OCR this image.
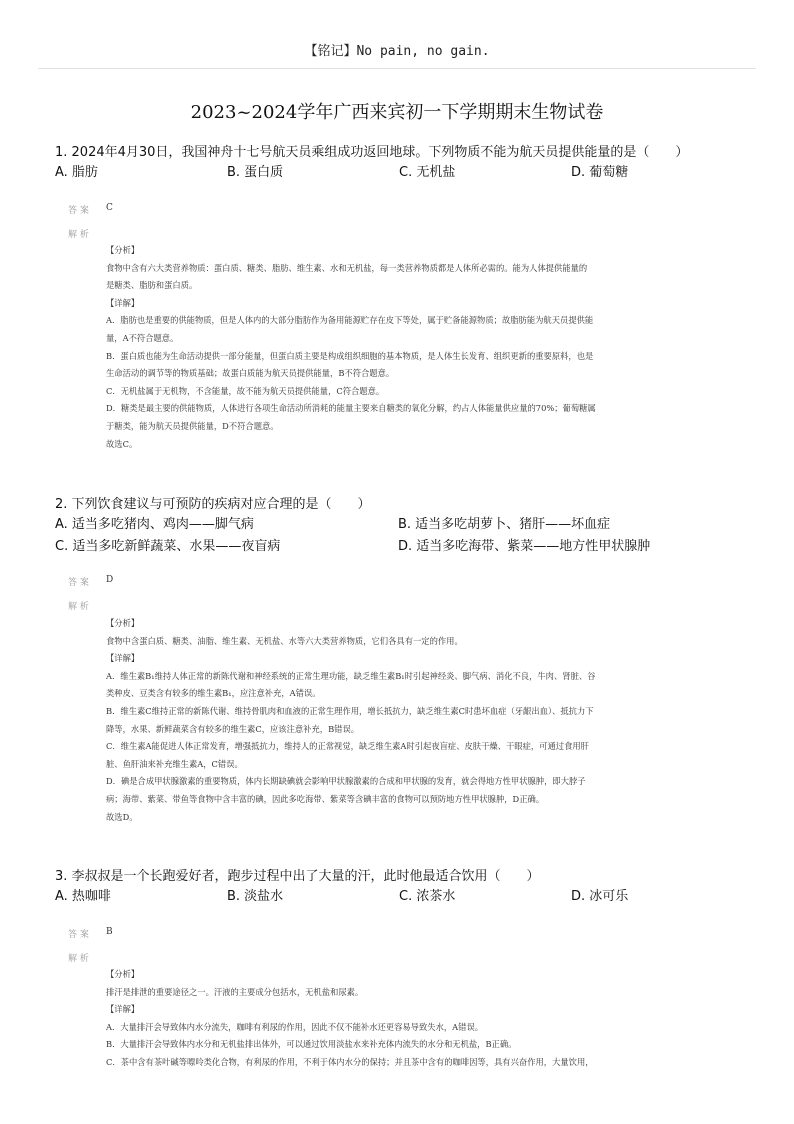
【铭记】No pain, no gain.
2023~2024学年广西来宾初一下学期期末生物试卷
1. 2024年4月30日，我国神舟十七号航天员乘组成功返回地球。下列物质不能为航天员提供能量的是（　　）
A. 脂肪	B. 蛋白质	C. 无机盐	D. 葡萄糖
答 案 C
解 析

【分析】

食物中含有六大类营养物质：蛋白质、糖类、脂肪、维生素、水和无机盐，每一类营养物质都是人体所必需的。能为人体提供能量的

是糖类、脂肪和蛋白质。

【详解】

A．脂肪也是重要的供能物质，但是人体内的大部分脂肪作为备用能源贮存在皮下等处，属于贮备能源物质；故脂肪能为航天员提供能

量，A不符合题意。

B．蛋白质也能为生命活动提供一部分能量，但蛋白质主要是构成组织细胞的基本物质，是人体生长发育、组织更新的重要原料，也是

生命活动的调节等的物质基础；故蛋白质能为航天员提供能量，B不符合题意。

C．无机盐属于无机物，不含能量，故不能为航天员提供能量，C符合题意。

D．糖类是最主要的供能物质，人体进行各项生命活动所消耗的能量主要来自糖类的氧化分解，约占人体能量供应量的70%；葡萄糖属

于糖类，能为航天员提供能量，D不符合题意。

故选C。

2. 下列饮食建议与可预防的疾病对应合理的是（　　）
A. 适当多吃猪肉、鸡肉——脚气病	B. 适当多吃胡萝卜、猪肝——坏血症
C. 适当多吃新鲜蔬菜、水果——夜盲病	D. 适当多吃海带、紫菜——地方性甲状腺肿
答 案 D
解 析

【分析】

食物中含蛋白质、糖类、油脂、维生素、无机盐、水等六大类营养物质，它们各具有一定的作用。

【详解】

A．维生素B₁维持人体正常的新陈代谢和神经系统的正常生理功能，缺乏维生素B₁时引起神经炎、脚气病、消化不良，牛肉、肾脏、谷

类种皮、豆类含有较多的维生素B₁，应注意补充，A错误。

B．维生素C维持正常的新陈代谢、维持骨肌肉和血液的正常生理作用，增长抵抗力，缺乏维生素C时患坏血症（牙龈出血）、抵抗力下

降等，水果、新鲜蔬菜含有较多的维生素C，应该注意补充，B错误。

C．维生素A能促进人体正常发育，增强抵抗力，维持人的正常视觉，缺乏维生素A时引起夜盲症、皮肤干燥、干眼症，可通过食用肝

脏、鱼肝油来补充维生素A，C错误。

D．碘是合成甲状腺激素的重要物质，体内长期缺碘就会影响甲状腺激素的合成和甲状腺的发育，就会得地方性甲状腺肿，即大脖子

病；海带、紫菜、带鱼等食物中含丰富的碘，因此多吃海带、紫菜等含碘丰富的食物可以预防地方性甲状腺肿，D正确。

故选D。

3. 李叔叔是一个长跑爱好者，跑步过程中出了大量的汗，此时他最适合饮用（　　）
A. 热咖啡	B. 淡盐水	C. 浓茶水	D. 冰可乐
答 案 B
解 析

【分析】

排汗是排泄的重要途径之一。汗液的主要成分包括水，无机盐和尿素。

【详解】

A．大量排汗会导致体内水分流失，咖啡有利尿的作用，因此不仅不能补水还更容易导致失水，A错误。

B．大量排汗会导致体内水分和无机盐排出体外，可以通过饮用淡盐水来补充体内流失的水分和无机盐，B正确。

C．茶中含有茶叶碱等嘌呤类化合物，有利尿的作用，不利于体内水分的保持；并且茶中含有的咖啡因等，具有兴奋作用，大量饮用，
